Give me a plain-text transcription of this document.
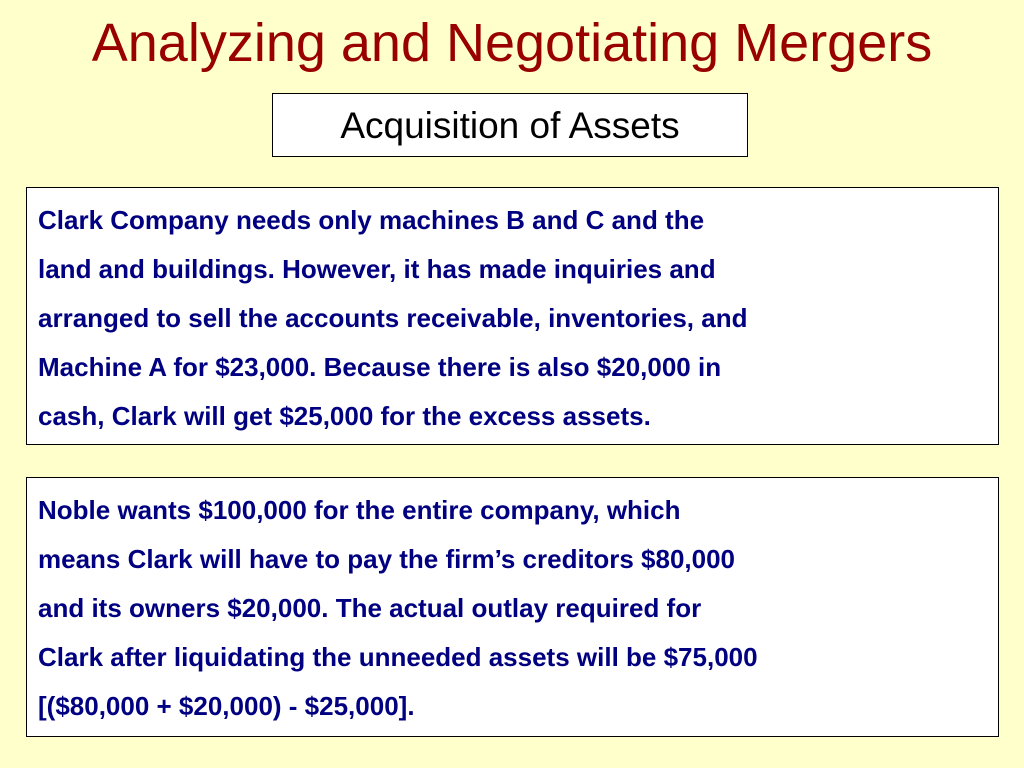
Analyzing and Negotiating Mergers
Acquisition of Assets
Clark Company needs only machines B and C and the
land and buildings. However, it has made inquiries and
arranged to sell the accounts receivable, inventories, and
Machine A for $23,000. Because there is also $20,000 in
cash, Clark will get $25,000 for the excess assets.
Noble wants $100,000 for the entire company, which
means Clark will have to pay the firm’s creditors $80,000
and its owners $20,000. The actual outlay required for
Clark after liquidating the unneeded assets will be $75,000
[($80,000 + $20,000) - $25,000].
